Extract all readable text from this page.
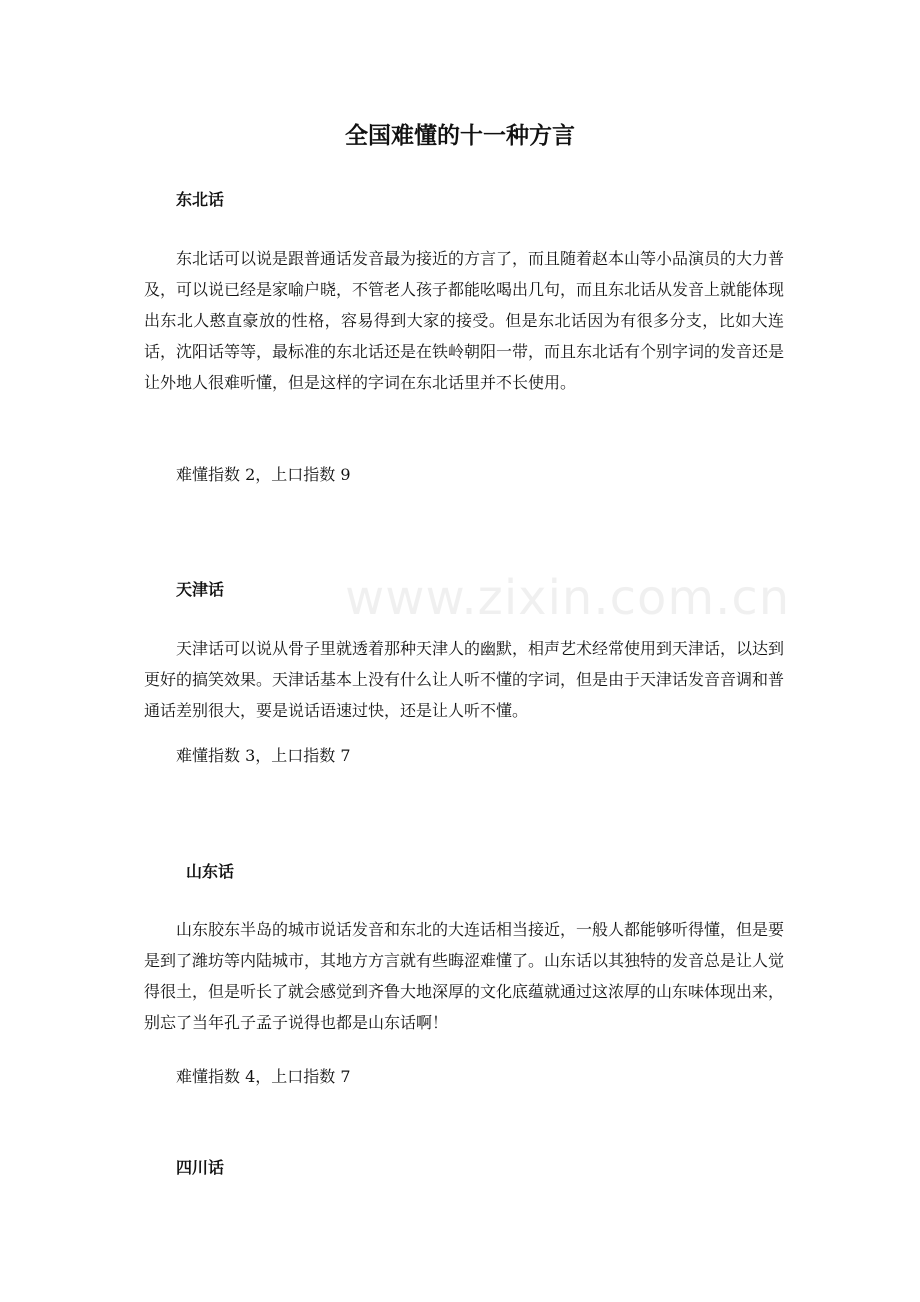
www.zixin.com.cn
全国难懂的十一种方言
东北话

东北话可以说是跟普通话发音最为接近的方言了，而且随着赵本山等小品演员的大力普及，可以说已经是家喻户晓，不管老人孩子都能吆喝出几句，而且东北话从发音上就能体现出东北人憨直豪放的性格，容易得到大家的接受。但是东北话因为有很多分支，比如大连话，沈阳话等等，最标准的东北话还是在铁岭朝阳一带，而且东北话有个别字词的发音还是让外地人很难听懂，但是这样的字词在东北话里并不长使用。

难懂指数 2，上口指数 9
天津话

天津话可以说从骨子里就透着那种天津人的幽默，相声艺术经常使用到天津话，以达到更好的搞笑效果。天津话基本上没有什么让人听不懂的字词，但是由于天津话发音音调和普通话差别很大，要是说话语速过快，还是让人听不懂。

难懂指数 3，上口指数 7
山东话

山东胶东半岛的城市说话发音和东北的大连话相当接近，一般人都能够听得懂，但是要是到了潍坊等内陆城市，其地方方言就有些晦涩难懂了。山东话以其独特的发音总是让人觉得很土，但是听长了就会感觉到齐鲁大地深厚的文化底蕴就通过这浓厚的山东味体现出来，别忘了当年孔子孟子说得也都是山东话啊！

难懂指数 4，上口指数 7
四川话
